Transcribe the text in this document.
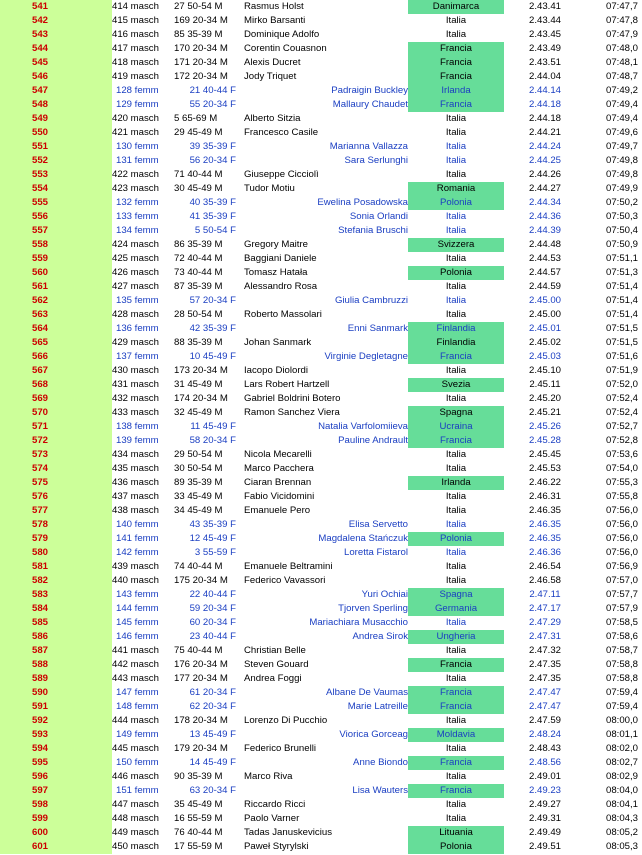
541	414 masch	27 50-54 M	Rasmus Holst	Danimarca	2.43.41	07:47,7
542	415 masch	169 20-34 M	Mirko Barsanti	Italia	2.43.44	07:47,8
543	416 masch	85 35-39 M	Dominique Adolfo	Italia	2.43.45	07:47,9
544	417 masch	170 20-34 M	Corentin Couasnon	Francia	2.43.49	07:48,0
545	418 masch	171 20-34 M	Alexis Ducret	Francia	2.43.51	07:48,1
546	419 masch	172 20-34 M	Jody Triquet	Francia	2.44.04	07:48,7
547	128 femm	21 40-44 F	Padraigin Buckley	Irlanda	2.44.14	07:49,2
548	129 femm	55 20-34 F	Mallaury Chaudet	Francia	2.44.18	07:49,4
549	420 masch	5 65-69 M	Alberto Sitzia	Italia	2.44.18	07:49,4
550	421 masch	29 45-49 M	Francesco Casile	Italia	2.44.21	07:49,6
551	130 femm	39 35-39 F	Marianna Vallazza	Italia	2.44.24	07:49,7
552	131 femm	56 20-34 F	Sara Serlunghi	Italia	2.44.25	07:49,8
553	422 masch	71 40-44 M	Giuseppe Cicciolì	Italia	2.44.26	07:49,8
554	423 masch	30 45-49 M	Tudor Motiu	Romania	2.44.27	07:49,9
555	132 femm	40 35-39 F	Ewelina Posadowska	Polonia	2.44.34	07:50,2
556	133 femm	41 35-39 F	Sonia Orlandi	Italia	2.44.36	07:50,3
557	134 femm	5 50-54 F	Stefania Bruschi	Italia	2.44.39	07:50,4
558	424 masch	86 35-39 M	Gregory Maitre	Svizzera	2.44.48	07:50,9
559	425 masch	72 40-44 M	Baggiani Daniele	Italia	2.44.53	07:51,1
560	426 masch	73 40-44 M	Tomasz Hatała	Polonia	2.44.57	07:51,3
561	427 masch	87 35-39 M	Alessandro Rosa	Italia	2.44.59	07:51,4
562	135 femm	57 20-34 F	Giulia Cambruzzi	Italia	2.45.00	07:51,4
563	428 masch	28 50-54 M	Roberto Massolari	Italia	2.45.00	07:51,4
564	136 femm	42 35-39 F	Enni Sanmark	Finlandia	2.45.01	07:51,5
565	429 masch	88 35-39 M	Johan Sanmark	Finlandia	2.45.02	07:51,5
566	137 femm	10 45-49 F	Virginie Degletagne	Francia	2.45.03	07:51,6
567	430 masch	173 20-34 M	Iacopo Diolordi	Italia	2.45.10	07:51,9
568	431 masch	31 45-49 M	Lars Robert Hartzell	Svezia	2.45.11	07:52,0
569	432 masch	174 20-34 M	Gabriel Boldrini Botero	Italia	2.45.20	07:52,4
570	433 masch	32 45-49 M	Ramon Sanchez Viera	Spagna	2.45.21	07:52,4
571	138 femm	11 45-49 F	Natalia Varfolomiieva	Ucraina	2.45.26	07:52,7
572	139 femm	58 20-34 F	Pauline Andrault	Francia	2.45.28	07:52,8
573	434 masch	29 50-54 M	Nicola Mecarelli	Italia	2.45.45	07:53,6
574	435 masch	30 50-54 M	Marco Pacchera	Italia	2.45.53	07:54,0
575	436 masch	89 35-39 M	Ciaran Brennan	Irlanda	2.46.22	07:55,3
576	437 masch	33 45-49 M	Fabio Vicidomini	Italia	2.46.31	07:55,8
577	438 masch	34 45-49 M	Emanuele Pero	Italia	2.46.35	07:56,0
578	140 femm	43 35-39 F	Elisa Servetto	Italia	2.46.35	07:56,0
579	141 femm	12 45-49 F	Magdalena Stańczuk	Polonia	2.46.35	07:56,0
580	142 femm	3 55-59 F	Loretta Fistarol	Italia	2.46.36	07:56,0
581	439 masch	74 40-44 M	Emanuele Beltramini	Italia	2.46.54	07:56,9
582	440 masch	175 20-34 M	Federico Vavassori	Italia	2.46.58	07:57,0
583	143 femm	22 40-44 F	Yuri Ochiai	Spagna	2.47.11	07:57,7
584	144 femm	59 20-34 F	Tjorven Sperling	Germania	2.47.17	07:57,9
585	145 femm	60 20-34 F	Mariachiara Musacchio	Italia	2.47.29	07:58,5
586	146 femm	23 40-44 F	Andrea Sirok	Ungheria	2.47.31	07:58,6
587	441 masch	75 40-44 M	Christian Belle	Italia	2.47.32	07:58,7
588	442 masch	176 20-34 M	Steven Gouard	Francia	2.47.35	07:58,8
589	443 masch	177 20-34 M	Andrea Foggi	Italia	2.47.35	07:58,8
590	147 femm	61 20-34 F	Albane De Vaumas	Francia	2.47.47	07:59,4
591	148 femm	62 20-34 F	Marie Latreille	Francia	2.47.47	07:59,4
592	444 masch	178 20-34 M	Lorenzo Di Pucchio	Italia	2.47.59	08:00,0
593	149 femm	13 45-49 F	Viorica Gorceag	Moldavia	2.48.24	08:01,1
594	445 masch	179 20-34 M	Federico Brunelli	Italia	2.48.43	08:02,0
595	150 femm	14 45-49 F	Anne Biondo	Francia	2.48.56	08:02,7
596	446 masch	90 35-39 M	Marco Riva	Italia	2.49.01	08:02,9
597	151 femm	63 20-34 F	Lisa Wauters	Francia	2.49.23	08:04,0
598	447 masch	35 45-49 M	Riccardo Ricci	Italia	2.49.27	08:04,1
599	448 masch	16 55-59 M	Paolo Varner	Italia	2.49.31	08:04,3
600	449 masch	76 40-44 M	Tadas Januskevicius	Lituania	2.49.49	08:05,2
601	450 masch	17 55-59 M	Paweł Styrylski	Polonia	2.49.51	08:05,3
